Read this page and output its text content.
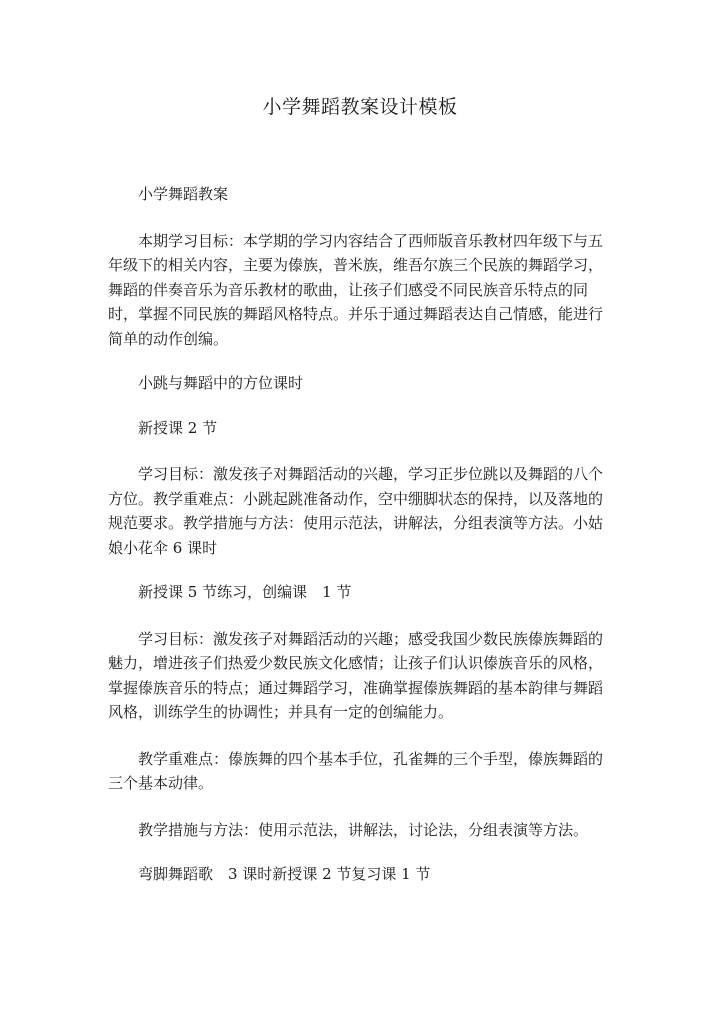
小学舞蹈教案设计模板

小学舞蹈教案

本期学习目标：本学期的学习内容结合了西师版音乐教材四年级下与五年级下的相关内容，主要为傣族，普米族，维吾尔族三个民族的舞蹈学习，舞蹈的伴奏音乐为音乐教材的歌曲，让孩子们感受不同民族音乐特点的同时，掌握不同民族的舞蹈风格特点。并乐于通过舞蹈表达自己情感，能进行简单的动作创编。

小跳与舞蹈中的方位课时

新授课 2 节

学习目标：激发孩子对舞蹈活动的兴趣，学习正步位跳以及舞蹈的八个方位。教学重难点：小跳起跳准备动作，空中绷脚状态的保持，以及落地的规范要求。教学措施与方法：使用示范法，讲解法，分组表演等方法。小姑娘小花伞 6 课时

新授课 5 节练习，创编课　1 节

学习目标：激发孩子对舞蹈活动的兴趣；感受我国少数民族傣族舞蹈的魅力，增进孩子们热爱少数民族文化感情；让孩子们认识傣族音乐的风格，掌握傣族音乐的特点；通过舞蹈学习，准确掌握傣族舞蹈的基本韵律与舞蹈风格，训练学生的协调性；并具有一定的创编能力。

教学重难点：傣族舞的四个基本手位，孔雀舞的三个手型，傣族舞蹈的三个基本动律。

教学措施与方法：使用示范法，讲解法，讨论法，分组表演等方法。

弯脚舞蹈歌　3 课时新授课 2 节复习课 1 节
